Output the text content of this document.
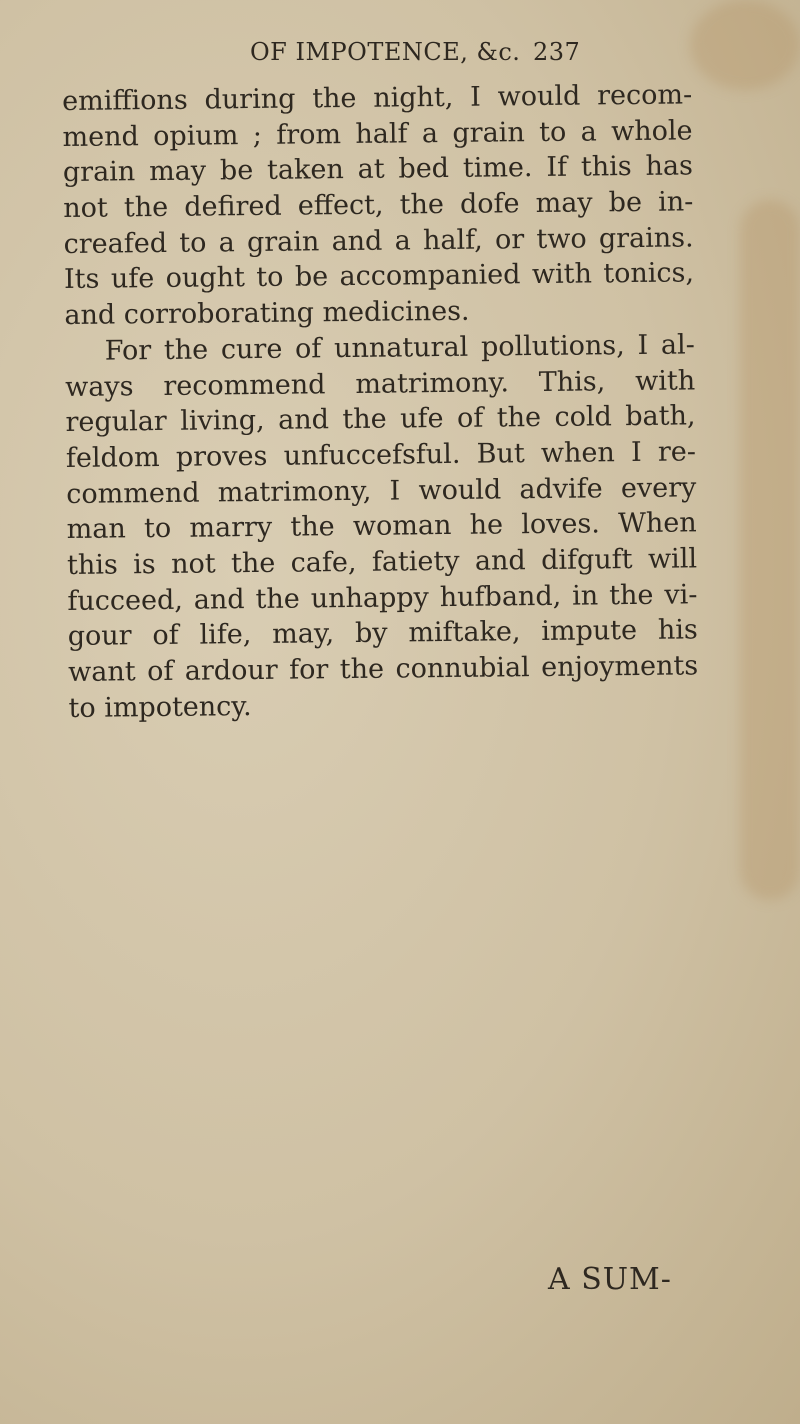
OF IMPOTENCE, &c. 237
emiffions during the night, I would recom-
mend opium ; from half a grain to a whole
grain may be taken at bed time. If this has
not the defired effect, the dofe may be in-
creafed to a grain and a half, or two grains.
Its ufe ought to be accompanied with tonics,
and corroborating medicines.
For the cure of unnatural pollutions, I al-
ways recommend matrimony. This, with
regular living, and the ufe of the cold bath,
feldom proves unfuccefsful. But when I re-
commend matrimony, I would advife every
man to marry the woman he loves. When
this is not the cafe, fatiety and difguft will
fucceed, and the unhappy hufband, in the vi-
gour of life, may, by miftake, impute his
want of ardour for the connubial enjoyments
to impotency.
A SUM-
